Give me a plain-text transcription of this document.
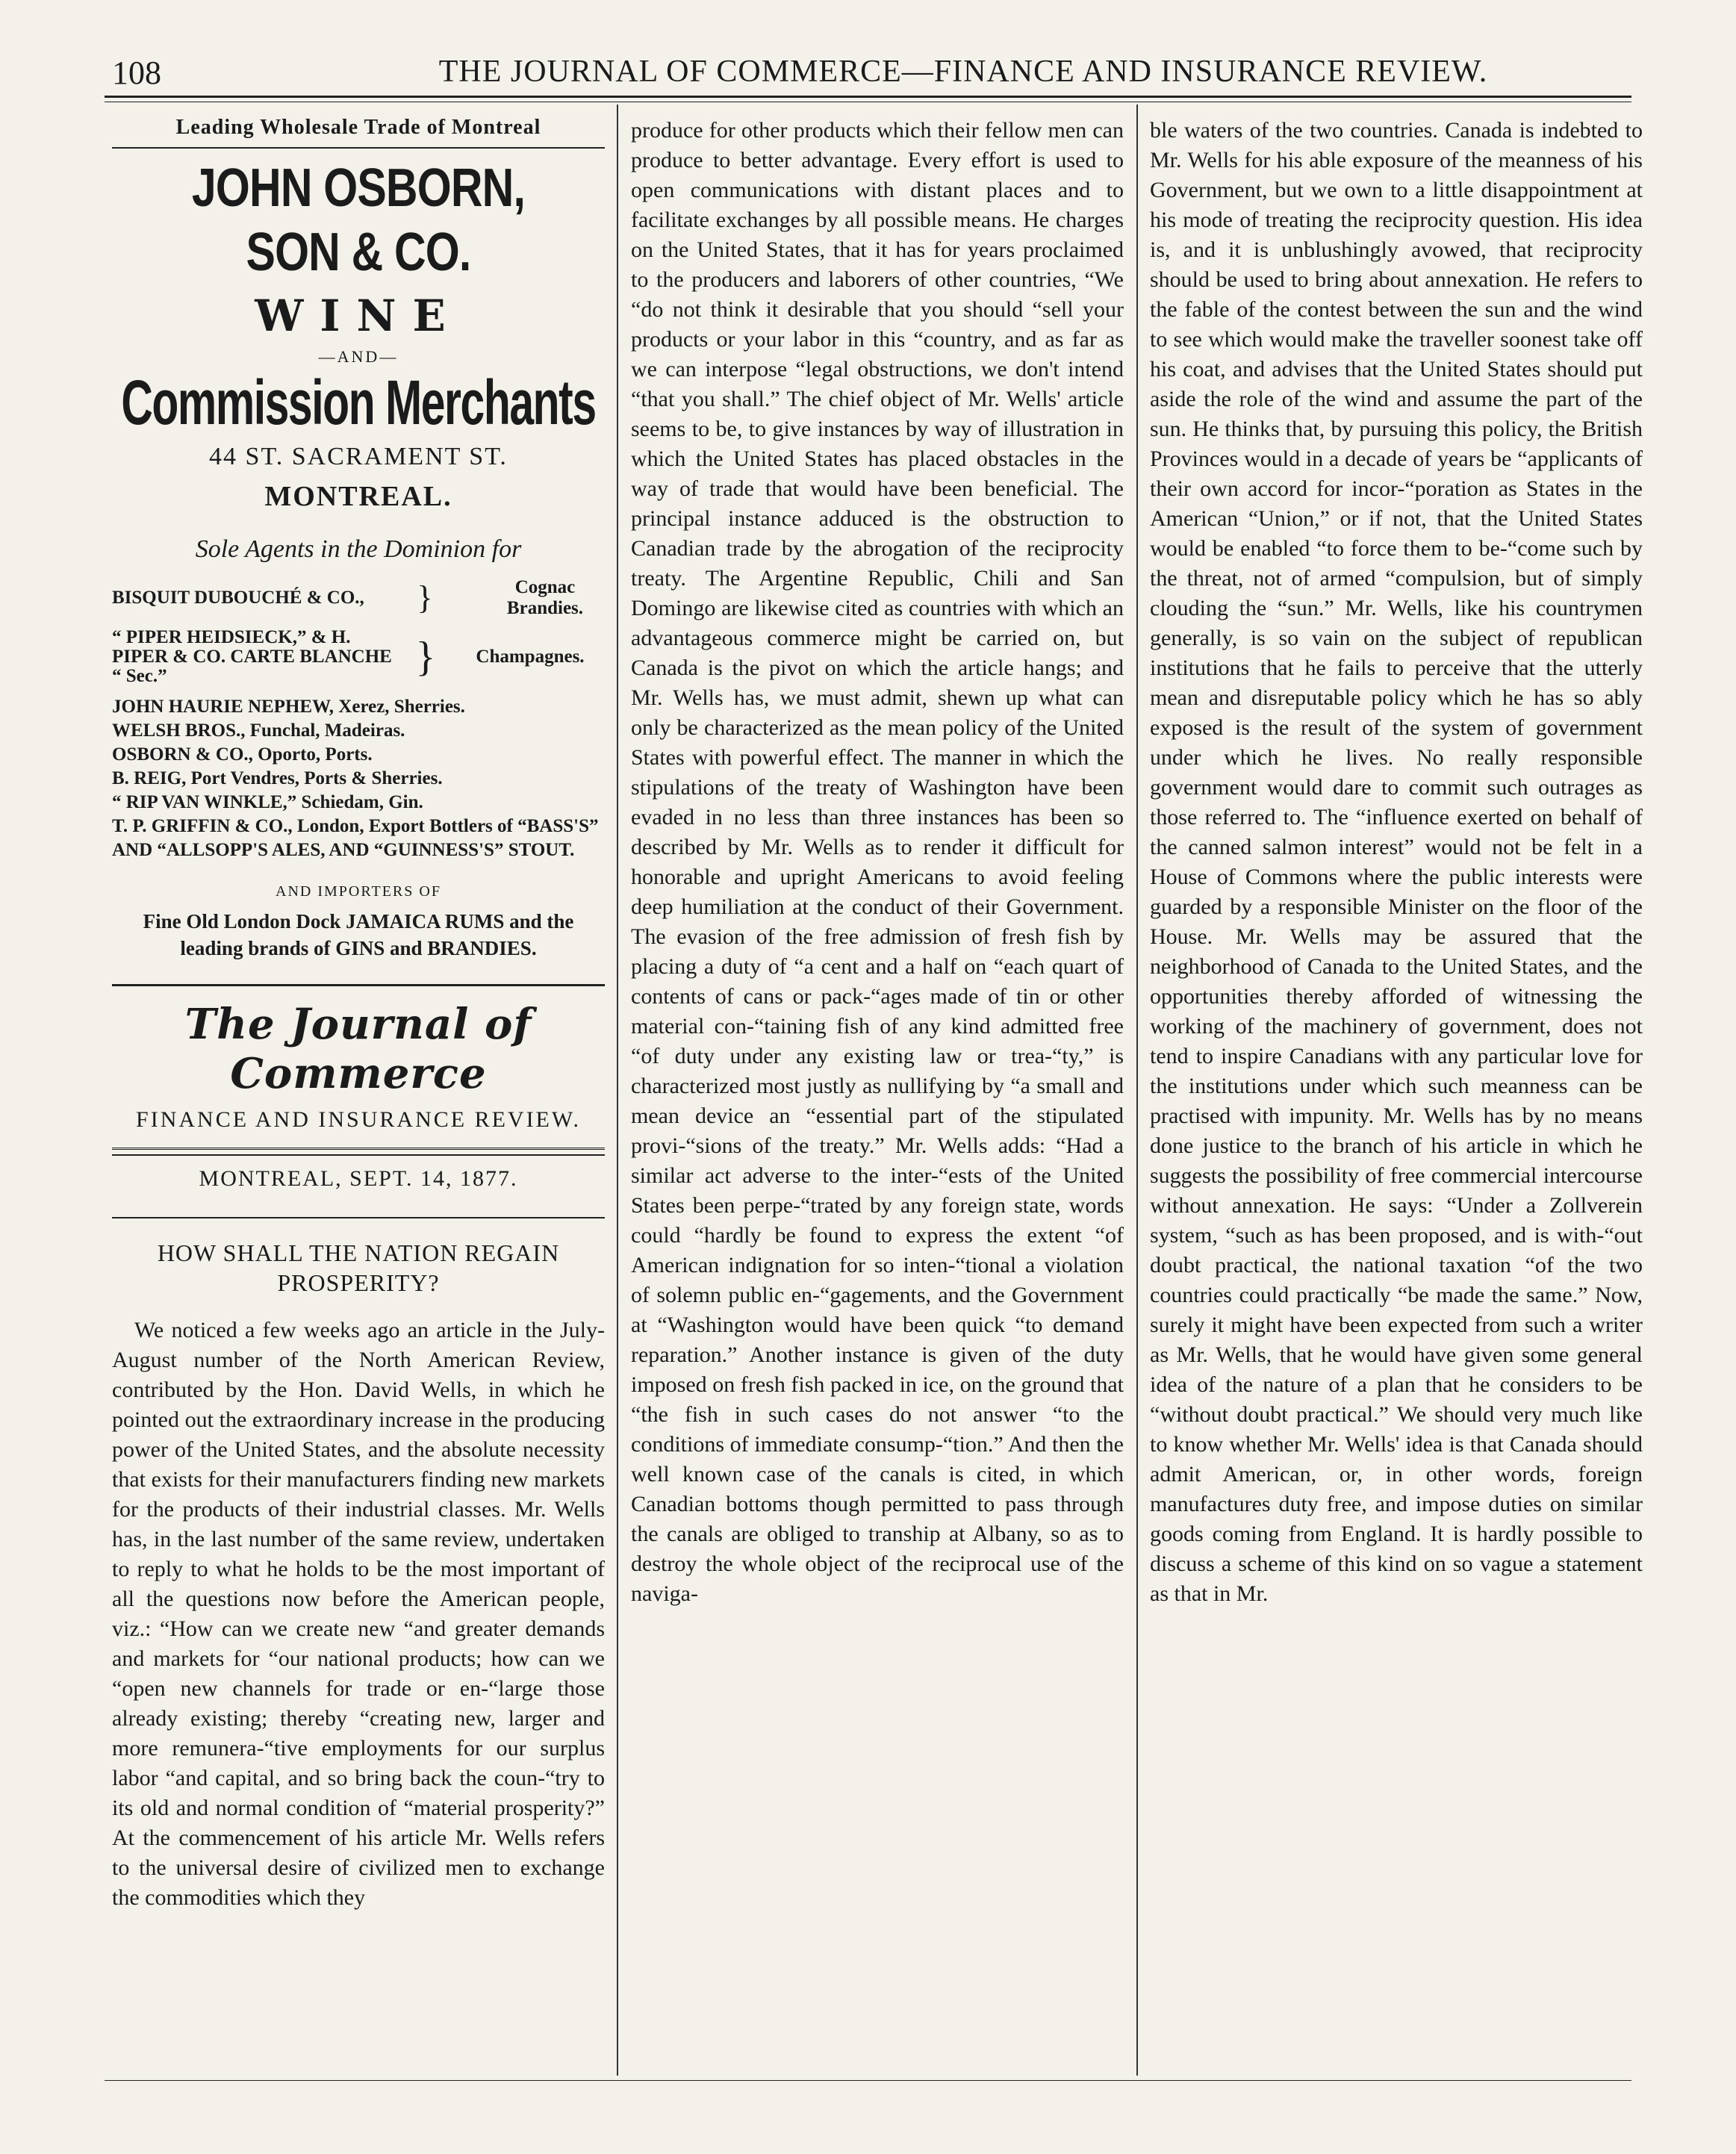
108	THE JOURNAL OF COMMERCE—FINANCE AND INSURANCE REVIEW.
Leading Wholesale Trade of Montreal
JOHN OSBORN, SON & CO.
WINE
—AND—
Commission Merchants
44 ST. SACRAMENT ST.
MONTREAL.
Sole Agents in the Dominion for
BISQUIT DUBOUCHÉ & CO., }	Cognac Brandies.
“ PIPER HEIDSIECK,” & H. PIPER & CO. CARTE BLANCHE “ Sec.”	}	Champagnes.
JOHN HAURIE NEPHEW, Xerez, Sherries.
WELSH BROS., Funchal, Madeiras.
OSBORN & CO., Oporto, Ports.
B. REIG, Port Vendres, Ports & Sherries.
“ RIP VAN WINKLE,” Schiedam, Gin.
T. P. GRIFFIN & CO., London, Export Bottlers of “BASS'S” AND “ALLSOPP'S ALES, AND “GUINNESS'S” STOUT.
AND IMPORTERS OF
Fine Old London Dock JAMAICA RUMS and the leading brands of GINS and BRANDIES.
The Journal of Commerce
FINANCE AND INSURANCE REVIEW.
MONTREAL, SEPT. 14, 1877.
HOW SHALL THE NATION REGAIN PROSPERITY?

We noticed a few weeks ago an article in the July-August number of the North American Review, contributed by the Hon. David Wells, in which he pointed out the extraordinary increase in the producing power of the United States, and the absolute necessity that exists for their manufacturers finding new markets for the products of their industrial classes. Mr. Wells has, in the last number of the same review, undertaken to reply to what he holds to be the most important of all the questions now before the American people, viz.: “How can we create new “and greater demands and markets for “our national products; how can we “open new channels for trade or en-“large those already existing; thereby “creating new, larger and more remunera-“tive employments for our surplus labor “and capital, and so bring back the coun-“try to its old and normal condition of “material prosperity?” At the commencement of his article Mr. Wells refers to the universal desire of civilized men to exchange the commodities which they

produce for other products which their fellow men can produce to better advantage. Every effort is used to open communications with distant places and to facilitate exchanges by all possible means. He charges on the United States, that it has for years proclaimed to the producers and laborers of other countries, “We “do not think it desirable that you should “sell your products or your labor in this “country, and as far as we can interpose “legal obstructions, we don't intend “that you shall.” The chief object of Mr. Wells' article seems to be, to give instances by way of illustration in which the United States has placed obstacles in the way of trade that would have been beneficial. The principal instance adduced is the obstruction to Canadian trade by the abrogation of the reciprocity treaty. The Argentine Republic, Chili and San Domingo are likewise cited as countries with which an advantageous commerce might be carried on, but Canada is the pivot on which the article hangs; and Mr. Wells has, we must admit, shewn up what can only be characterized as the mean policy of the United States with powerful effect. The manner in which the stipulations of the treaty of Washington have been evaded in no less than three instances has been so described by Mr. Wells as to render it difficult for honorable and upright Americans to avoid feeling deep humiliation at the conduct of their Government. The evasion of the free admission of fresh fish by placing a duty of “a cent and a half on “each quart of contents of cans or pack-“ages made of tin or other material con-“taining fish of any kind admitted free “of duty under any existing law or trea-“ty,” is characterized most justly as nullifying by “a small and mean device an “essential part of the stipulated provi-“sions of the treaty.” Mr. Wells adds: “Had a similar act adverse to the inter-“ests of the United States been perpe-“trated by any foreign state, words could “hardly be found to express the extent “of American indignation for so inten-“tional a violation of solemn public en-“gagements, and the Government at “Washington would have been quick “to demand reparation.” Another instance is given of the duty imposed on fresh fish packed in ice, on the ground that “the fish in such cases do not answer “to the conditions of immediate consump-“tion.” And then the well known case of the canals is cited, in which Canadian bottoms though permitted to pass through the canals are obliged to tranship at Albany, so as to destroy the whole object of the reciprocal use of the naviga-

ble waters of the two countries. Canada is indebted to Mr. Wells for his able exposure of the meanness of his Government, but we own to a little disappointment at his mode of treating the reciprocity question. His idea is, and it is unblushingly avowed, that reciprocity should be used to bring about annexation. He refers to the fable of the contest between the sun and the wind to see which would make the traveller soonest take off his coat, and advises that the United States should put aside the role of the wind and assume the part of the sun. He thinks that, by pursuing this policy, the British Provinces would in a decade of years be “applicants of their own accord for incor-“poration as States in the American “Union,” or if not, that the United States would be enabled “to force them to be-“come such by the threat, not of armed “compulsion, but of simply clouding the “sun.” Mr. Wells, like his countrymen generally, is so vain on the subject of republican institutions that he fails to perceive that the utterly mean and disreputable policy which he has so ably exposed is the result of the system of government under which he lives. No really responsible government would dare to commit such outrages as those referred to. The “influence exerted on behalf of the canned salmon interest” would not be felt in a House of Commons where the public interests were guarded by a responsible Minister on the floor of the House. Mr. Wells may be assured that the neighborhood of Canada to the United States, and the opportunities thereby afforded of witnessing the working of the machinery of government, does not tend to inspire Canadians with any particular love for the institutions under which such meanness can be practised with impunity. Mr. Wells has by no means done justice to the branch of his article in which he suggests the possibility of free commercial intercourse without annexation. He says: “Under a Zollverein system, “such as has been proposed, and is with-“out doubt practical, the national taxation “of the two countries could practically “be made the same.” Now, surely it might have been expected from such a writer as Mr. Wells, that he would have given some general idea of the nature of a plan that he considers to be “without doubt practical.” We should very much like to know whether Mr. Wells' idea is that Canada should admit American, or, in other words, foreign manufactures duty free, and impose duties on similar goods coming from England. It is hardly possible to discuss a scheme of this kind on so vague a statement as that in Mr.
